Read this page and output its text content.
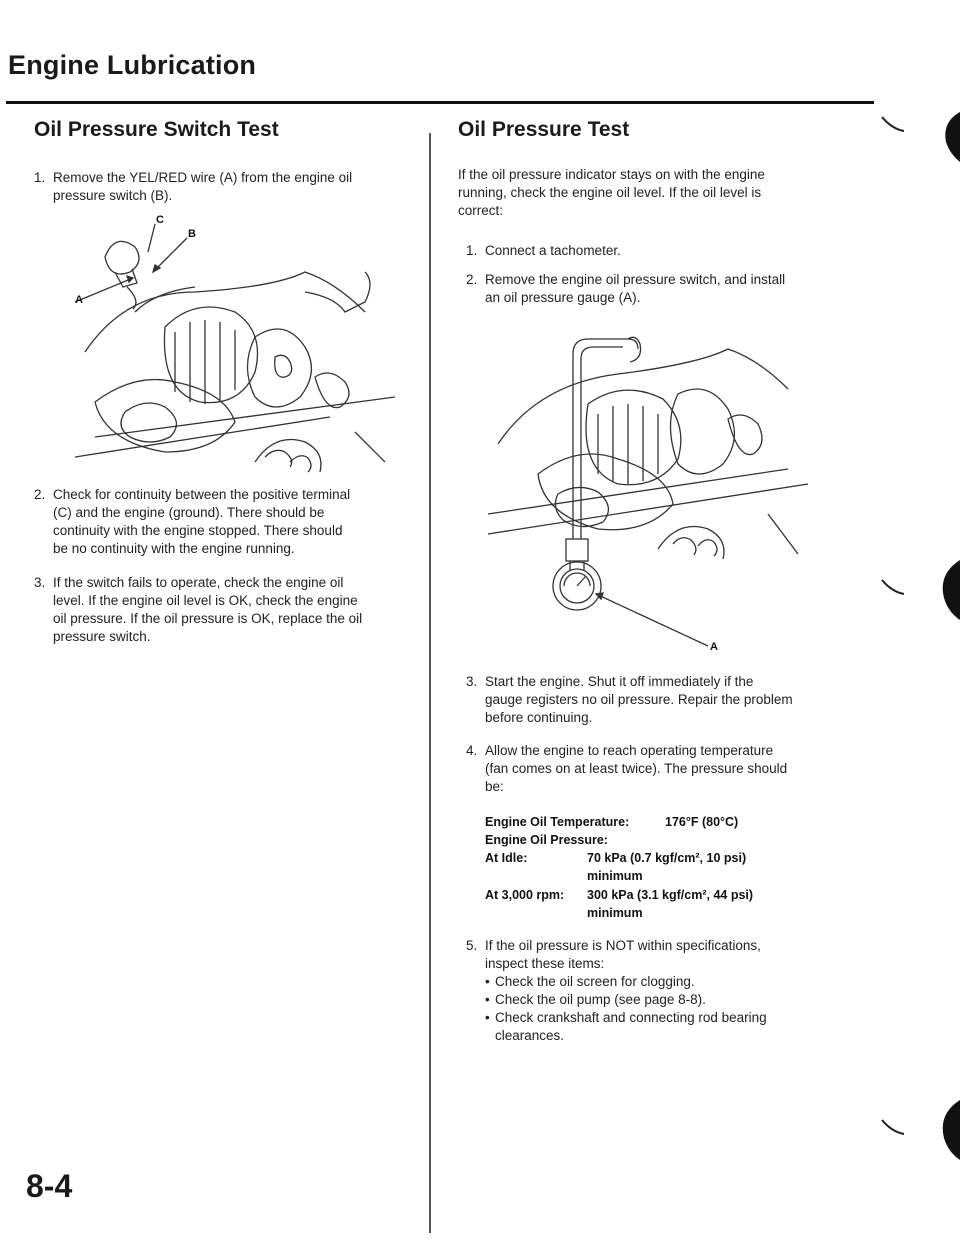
Engine Lubrication
Oil Pressure Switch Test
1. Remove the YEL/RED wire (A) from the engine oil
pressure switch (B).
A
B
C
2. Check for continuity between the positive terminal
(C) and the engine (ground). There should be
continuity with the engine stopped. There should
be no continuity with the engine running.
3. If the switch fails to operate, check the engine oil
level. If the engine oil level is OK, check the engine
oil pressure. If the oil pressure is OK, replace the oil
pressure switch.
8-4
Oil Pressure Test
If the oil pressure indicator stays on with the engine
running, check the engine oil level. If the oil level is
correct:
1. Connect a tachometer.
2. Remove the engine oil pressure switch, and install
an oil pressure gauge (A).
A
3. Start the engine. Shut it off immediately if the
gauge registers no oil pressure. Repair the problem
before continuing.
4. Allow the engine to reach operating temperature
(fan comes on at least twice). The pressure should
be:
Engine Oil Temperature:	176°F (80°C)
Engine Oil Pressure:
At Idle:	70 kPa (0.7 kgf/cm², 10 psi)
minimum
At 3,000 rpm: 300 kPa (3.1 kgf/cm², 44 psi)
minimum
5. If the oil pressure is NOT within specifications,
inspect these items:
• Check the oil screen for clogging.
• Check the oil pump (see page 8-8).
• Check crankshaft and connecting rod bearing
clearances.
